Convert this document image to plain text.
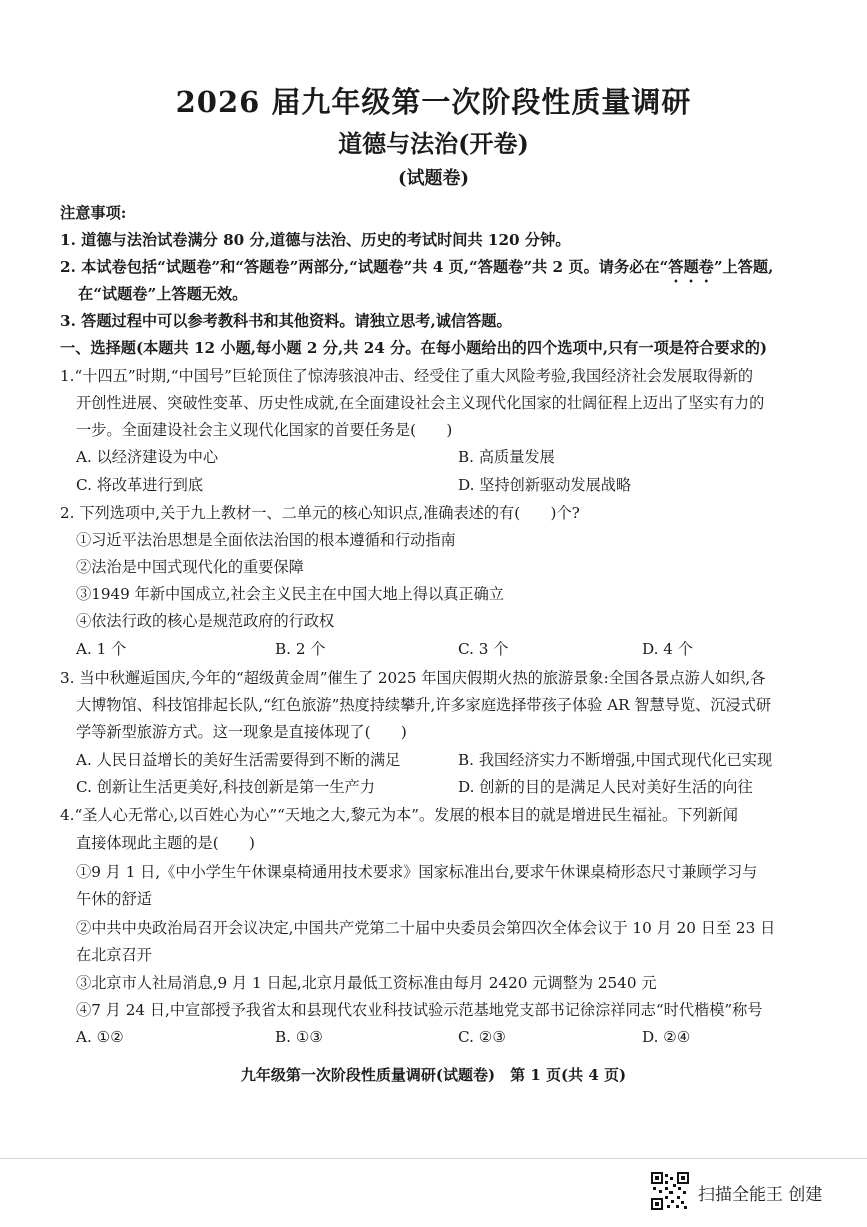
2026 届九年级第一次阶段性质量调研
道德与法治(开卷)
(试题卷)
注意事项:
1. 道德与法治试卷满分 80 分,道德与法治、历史的考试时间共 120 分钟。
2. 本试卷包括“试题卷”和“答题卷”两部分,“试题卷”共 4 页,“答题卷”共 2 页。请务必在“答题卷”上答题,
在“试题卷”上答题无效。
3. 答题过程中可以参考教科书和其他资料。请独立思考,诚信答题。
一、选择题(本题共 12 小题,每小题 2 分,共 24 分。在每小题给出的四个选项中,只有一项是符合要求的)
1.“十四五”时期,“中国号”巨轮顶住了惊涛骇浪冲击、经受住了重大风险考验,我国经济社会发展取得新的
开创性进展、突破性变革、历史性成就,在全面建设社会主义现代化国家的壮阔征程上迈出了坚实有力的
一步。全面建设社会主义现代化国家的首要任务是(　　)
A. 以经济建设为中心	B. 高质量发展
C. 将改革进行到底	D. 坚持创新驱动发展战略
2. 下列选项中,关于九上教材一、二单元的核心知识点,准确表述的有(　　)个?
①习近平法治思想是全面依法治国的根本遵循和行动指南
②法治是中国式现代化的重要保障
③1949 年新中国成立,社会主义民主在中国大地上得以真正确立
④依法行政的核心是规范政府的行政权
A. 1 个	B. 2 个	C. 3 个	D. 4 个
3. 当中秋邂逅国庆,今年的“超级黄金周”催生了 2025 年国庆假期火热的旅游景象:全国各景点游人如织,各
大博物馆、科技馆排起长队,“红色旅游”热度持续攀升,许多家庭选择带孩子体验 AR 智慧导览、沉浸式研
学等新型旅游方式。这一现象是直接体现了(　　)
A. 人民日益增长的美好生活需要得到不断的满足	B. 我国经济实力不断增强,中国式现代化已实现
C. 创新让生活更美好,科技创新是第一生产力	D. 创新的目的是满足人民对美好生活的向往
4.“圣人心无常心,以百姓心为心”“天地之大,黎元为本”。发展的根本目的就是增进民生福祉。下列新闻
直接体现此主题的是(　　)
①9 月 1 日,《中小学生午休课桌椅通用技术要求》国家标准出台,要求午休课桌椅形态尺寸兼顾学习与
午休的舒适
②中共中央政治局召开会议决定,中国共产党第二十届中央委员会第四次全体会议于 10 月 20 日至 23 日
在北京召开
③北京市人社局消息,9 月 1 日起,北京月最低工资标准由每月 2420 元调整为 2540 元
④7 月 24 日,中宣部授予我省太和县现代农业科技试验示范基地党支部书记徐淙祥同志“时代楷模”称号
A. ①②	B. ①③	C. ②③	D. ②④
九年级第一次阶段性质量调研(试题卷)　第 1 页(共 4 页)
扫描全能王 创建
